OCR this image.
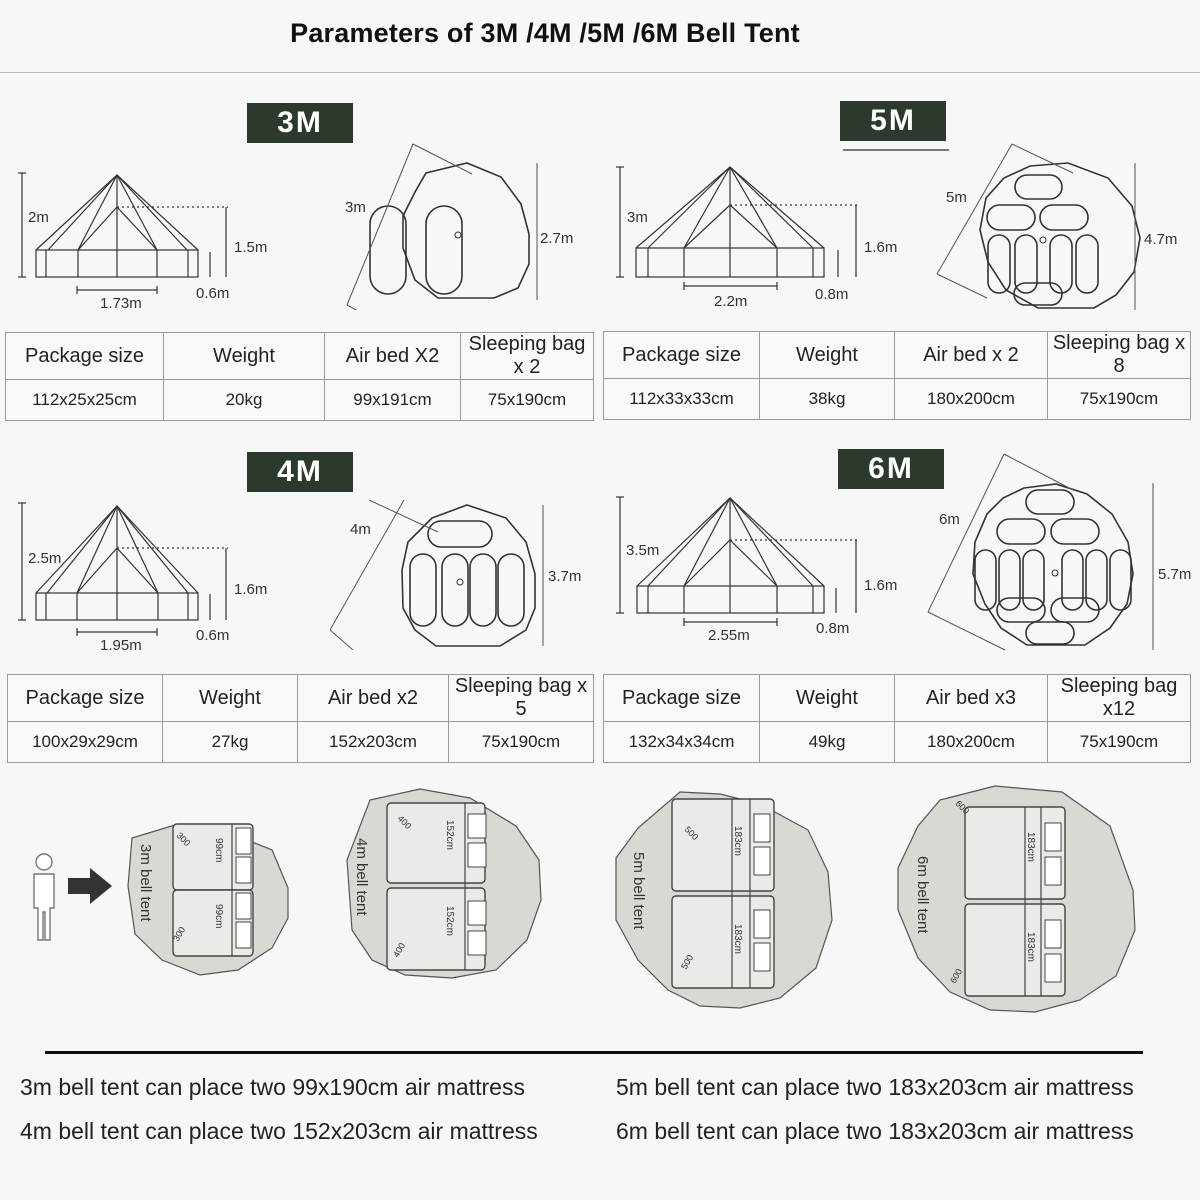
Parameters of 3M /4M /5M /6M Bell Tent
3M
2m
1.5m
1.73m
0.6m
3m
2.7m
Package size	Weight	Air bed X2	Sleeping bag x 2
112x25x25cm	20kg	99x191cm	75x190cm
5M
3m
1.6m
2.2m	0.8m
5m
4.7m
Package size	Weight	Air bed x 2	Sleeping bag x 8
112x33x33cm	38kg	180x200cm	75x190cm
4M
2.5m
1.6m
1.95m
0.6m
4m
3.7m
Package size	Weight	Air bed x2	Sleeping bag x 5
100x29x29cm	27kg	152x203cm	75x190cm
6M
3.5m
1.6m
2.55m	0.8m
6m
5.7m
Package size	Weight	Air bed x3	Sleeping bag x12
132x34x34cm	49kg	180x200cm	75x190cm
3m bell tent	99cm
99cm
300
300
4m bell tent
152cm
152cm
400
400
5m bell tent
183cm
183cm
500
500
6m bell tent
183cm
183cm
600
600
3m bell tent can place two 99x190cm air mattress
4m bell tent can place two 152x203cm air mattress
5m bell tent can place two 183x203cm air mattress
6m bell tent can place two 183x203cm air mattress
